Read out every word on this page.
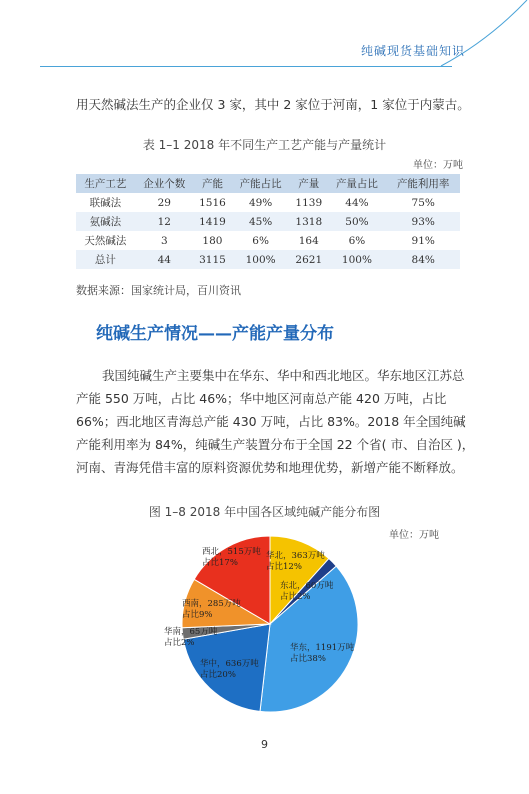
纯碱现货基础知识
用天然碱法生产的企业仅 3 家，其中 2 家位于河南，1 家位于内蒙古。
表 1–1 2018 年不同生产工艺产能与产量统计
单位：万吨
生产工艺	企业个数	产能	产能占比	产量	产量占比	产能利用率
联碱法	29	1516	49%	1139	44%	75%
氨碱法	12	1419	45%	1318	50%	93%
天然碱法	3	180	6%	164	6%	91%
总计	44	3115	100%	2621	100%	84%
数据来源：国家统计局，百川资讯
纯碱生产情况——产能产量分布
我国纯碱生产主要集中在华东、华中和西北地区。华东地区江苏总产能 550 万吨，占比 46%；华中地区河南总产能 420 万吨，占比 66%；西北地区青海总产能 430 万吨，占比 83%。2018 年全国纯碱产能利用率为 84%，纯碱生产装置分布于全国 22 个省( 市、自治区 )，河南、青海凭借丰富的原料资源优势和地理优势，新增产能不断释放。
图 1–8 2018 年中国各区域纯碱产能分布图
单位：万吨
华北，363万吨
占比12%
东北，60万吨
占比2%
华东，1191万吨
占比38%
华中，636万吨
占比20%
华南，65万吨
占比2%
西南，285万吨
占比9%
西北，515万吨
占比17%
9
